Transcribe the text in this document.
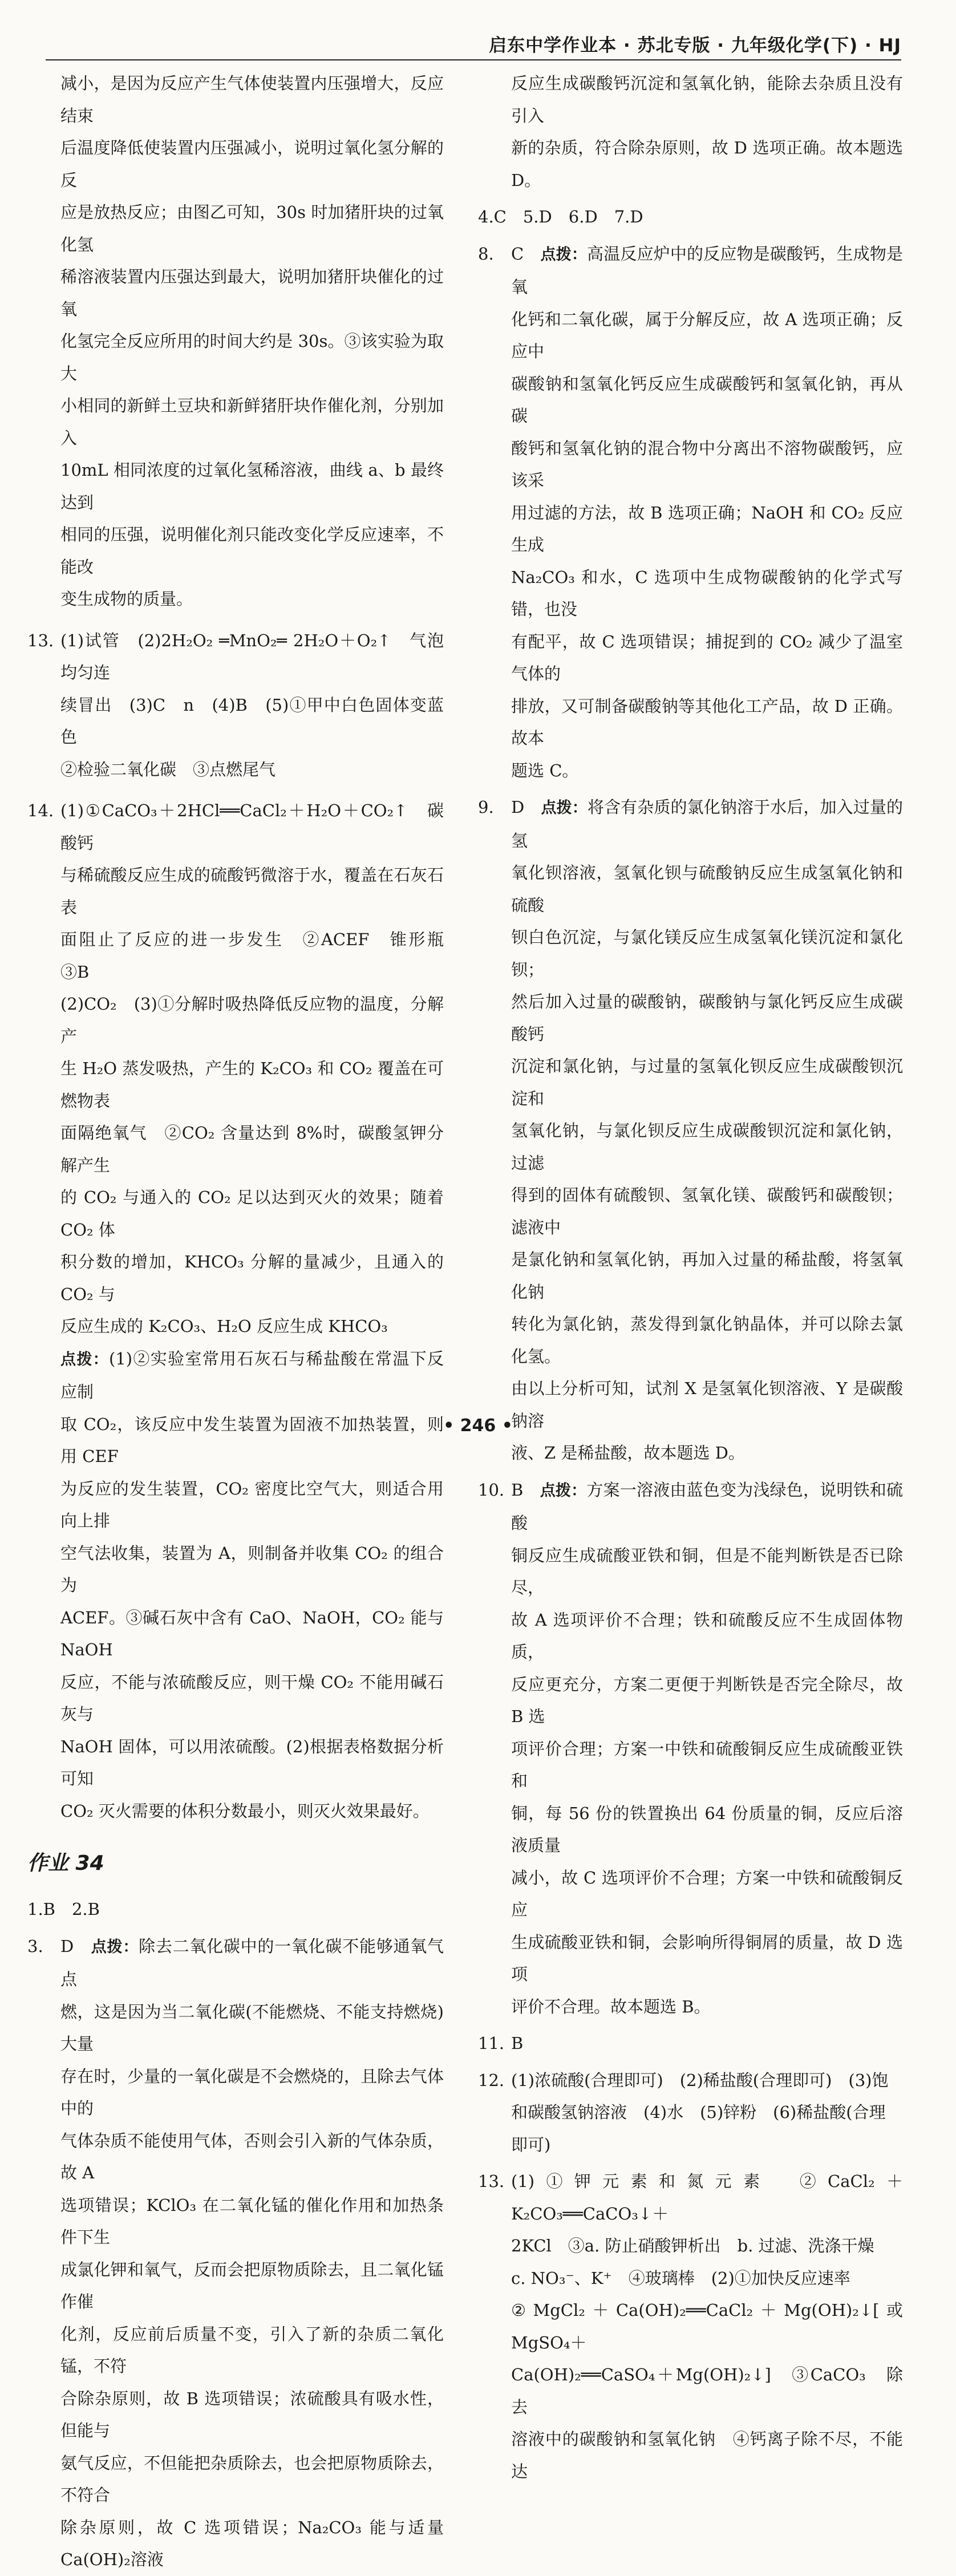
启东中学作业本 · 苏北专版 · 九年级化学(下) · HJ

减小，是因为反应产生气体使装置内压强增大，反应结束

后温度降低使装置内压强减小，说明过氧化氢分解的反

应是放热反应；由图乙可知，30s 时加猪肝块的过氧化氢

稀溶液装置内压强达到最大，说明加猪肝块催化的过氧

化氢完全反应所用的时间大约是 30s。③该实验为取大

小相同的新鲜土豆块和新鲜猪肝块作催化剂，分别加入

10mL 相同浓度的过氧化氢稀溶液，曲线 a、b 最终达到

相同的压强，说明催化剂只能改变化学反应速率，不能改

变生成物的质量。

13. (1)试管　(2)2H₂O₂ ═MnO₂═ 2H₂O＋O₂↑　气泡均匀连

续冒出　(3)C　n　(4)B　(5)①甲中白色固体变蓝色

②检验二氧化碳　③点燃尾气

14. (1)①CaCO₃＋2HCl══CaCl₂＋H₂O＋CO₂↑　碳酸钙

与稀硫酸反应生成的硫酸钙微溶于水，覆盖在石灰石表

面阻止了反应的进一步发生　②ACEF　锥形瓶　③B

(2)CO₂　(3)①分解时吸热降低反应物的温度，分解产

生 H₂O 蒸发吸热，产生的 K₂CO₃ 和 CO₂ 覆盖在可燃物表

面隔绝氧气　②CO₂ 含量达到 8%时，碳酸氢钾分解产生

的 CO₂ 与通入的 CO₂ 足以达到灭火的效果；随着 CO₂ 体

积分数的增加，KHCO₃ 分解的量减少，且通入的 CO₂ 与

反应生成的 K₂CO₃、H₂O 反应生成 KHCO₃

点拨：(1)②实验室常用石灰石与稀盐酸在常温下反应制

取 CO₂，该反应中发生装置为固液不加热装置，则用 CEF

为反应的发生装置，CO₂ 密度比空气大，则适合用向上排

空气法收集，装置为 A，则制备并收集 CO₂ 的组合为

ACEF。③碱石灰中含有 CaO、NaOH，CO₂ 能与 NaOH

反应，不能与浓硫酸反应，则干燥 CO₂ 不能用碱石灰与

NaOH 固体，可以用浓硫酸。(2)根据表格数据分析可知

CO₂ 灭火需要的体积分数最小，则灭火效果最好。

作业 34

1.B　2.B

3.	D　 点拨：除去二氧化碳中的一氧化碳不能够通氧气点

燃，这是因为当二氧化碳(不能燃烧、不能支持燃烧)大量

存在时，少量的一氧化碳是不会燃烧的，且除去气体中的

气体杂质不能使用气体，否则会引入新的气体杂质，故 A

选项错误；KClO₃ 在二氧化锰的催化作用和加热条件下生

成氯化钾和氧气，反而会把原物质除去，且二氧化锰作催

化剂，反应前后质量不变，引入了新的杂质二氧化锰，不符

合除杂原则，故 B 选项错误；浓硫酸具有吸水性，但能与

氨气反应，不但能把杂质除去，也会把原物质除去，不符合

除杂原则，故 C 选项错误；Na₂CO₃ 能与适量Ca(OH)₂溶液

反应生成碳酸钙沉淀和氢氧化钠，能除去杂质且没有引入

新的杂质，符合除杂原则，故 D 选项正确。故本题选 D。

4.C　5.D　6.D　7.D

8.	C　 点拨：高温反应炉中的反应物是碳酸钙，生成物是氧

化钙和二氧化碳，属于分解反应，故 A 选项正确；反应中

碳酸钠和氢氧化钙反应生成碳酸钙和氢氧化钠，再从碳

酸钙和氢氧化钠的混合物中分离出不溶物碳酸钙，应该采

用过滤的方法，故 B 选项正确；NaOH 和 CO₂ 反应生成

Na₂CO₃ 和水，C 选项中生成物碳酸钠的化学式写错，也没

有配平，故 C 选项错误；捕捉到的 CO₂ 减少了温室气体的

排放，又可制备碳酸钠等其他化工产品，故 D 正确。故本

题选 C。

9.	D　 点拨：将含有杂质的氯化钠溶于水后，加入过量的氢

氧化钡溶液，氢氧化钡与硫酸钠反应生成氢氧化钠和硫酸

钡白色沉淀，与氯化镁反应生成氢氧化镁沉淀和氯化钡；

然后加入过量的碳酸钠，碳酸钠与氯化钙反应生成碳酸钙

沉淀和氯化钠，与过量的氢氧化钡反应生成碳酸钡沉淀和

氢氧化钠，与氯化钡反应生成碳酸钡沉淀和氯化钠，过滤

得到的固体有硫酸钡、氢氧化镁、碳酸钙和碳酸钡；滤液中

是氯化钠和氢氧化钠，再加入过量的稀盐酸，将氢氧化钠

转化为氯化钠，蒸发得到氯化钠晶体，并可以除去氯化氢。

由以上分析可知，试剂 X 是氢氧化钡溶液、Y 是碳酸钠溶

液、Z 是稀盐酸，故本题选 D。

10. B　 点拨：方案一溶液由蓝色变为浅绿色，说明铁和硫酸

铜反应生成硫酸亚铁和铜，但是不能判断铁是否已除尽，

故 A 选项评价不合理；铁和硫酸反应不生成固体物质，

反应更充分，方案二更便于判断铁是否完全除尽，故 B 选

项评价合理；方案一中铁和硫酸铜反应生成硫酸亚铁和

铜，每 56 份的铁置换出 64 份质量的铜，反应后溶液质量

减小，故 C 选项评价不合理；方案一中铁和硫酸铜反应

生成硫酸亚铁和铜，会影响所得铜屑的质量，故 D 选项

评价不合理。故本题选 B。

11. B

12. (1)浓硫酸(合理即可)　(2)稀盐酸(合理即可)　(3)饱

和碳酸氢钠溶液　(4)水　(5)锌粉　(6)稀盐酸(合理

即可)

13. (1)①钾元素和氮元素　②CaCl₂＋K₂CO₃══CaCO₃↓＋

2KCl　③a. 防止硝酸钾析出　b. 过滤、洗涤干燥

c. NO₃⁻、K⁺　④玻璃棒　(2)①加快反应速率

②MgCl₂＋Ca(OH)₂══CaCl₂＋Mg(OH)₂↓[或 MgSO₄＋

Ca(OH)₂══CaSO₄＋Mg(OH)₂↓]　③CaCO₃　除去

溶液中的碳酸钠和氢氧化钠　④钙离子除不尽，不能达

• 246 •
